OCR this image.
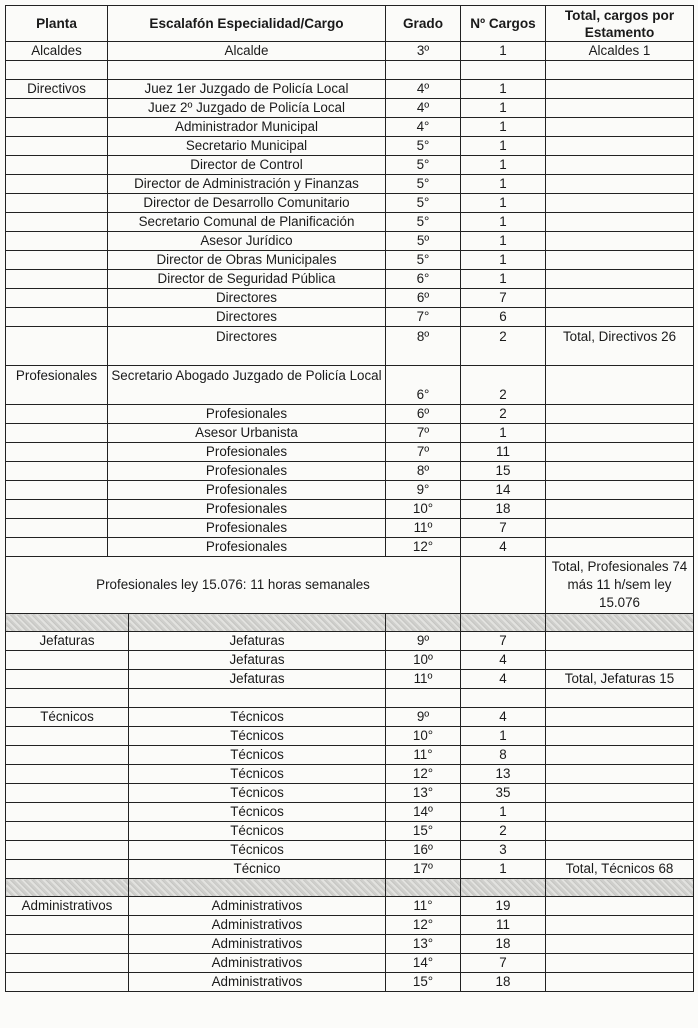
Planta	Escalafón Especialidad/Cargo	Grado	Nº Cargos	Total, cargos por Estamento
Alcaldes	Alcalde	3º	1	Alcaldes 1

Directivos	Juez 1er Juzgado de Policía Local	4º	1	
	Juez 2º Juzgado de Policía Local	4º	1	
	Administrador Municipal	4°	1	
	Secretario Municipal	5°	1	
	Director de Control	5°	1	
	Director de Administración y Finanzas	5°	1	
	Director de Desarrollo Comunitario	5°	1	
	Secretario Comunal de Planificación	5°	1	
	Asesor Jurídico	5º	1	
	Director de Obras Municipales	5°	1	
	Director de Seguridad Pública	6°	1	
	Directores	6º	7	
	Directores	7°	6	
	Directores	8º	2	Total, Directivos 26
Profesionales	Secretario Abogado Juzgado de Policía Local	6°	2	
	Profesionales	6º	2	
	Asesor Urbanista	7º	1	
	Profesionales	7º	11	
	Profesionales	8º	15	
	Profesionales	9°	14	
	Profesionales	10°	18	
	Profesionales	11º	7	
	Profesionales	12°	4	
Profesionales ley 15.076: 11 horas semanales				Total, Profesionales 74 más 11 h/sem ley 15.076

Jefaturas	Jefaturas	9º	7	
	Jefaturas	10º	4	
	Jefaturas	11º	4	Total, Jefaturas 15

Técnicos	Técnicos	9º	4	
	Técnicos	10°	1	
	Técnicos	11°	8	
	Técnicos	12°	13	
	Técnicos	13°	35	
	Técnicos	14º	1	
	Técnicos	15°	2	
	Técnicos	16º	3	
	Técnico	17º	1	Total, Técnicos 68

Administrativos	Administrativos	11°	19	
	Administrativos	12°	11	
	Administrativos	13°	18	
	Administrativos	14°	7	
	Administrativos	15°	18	
